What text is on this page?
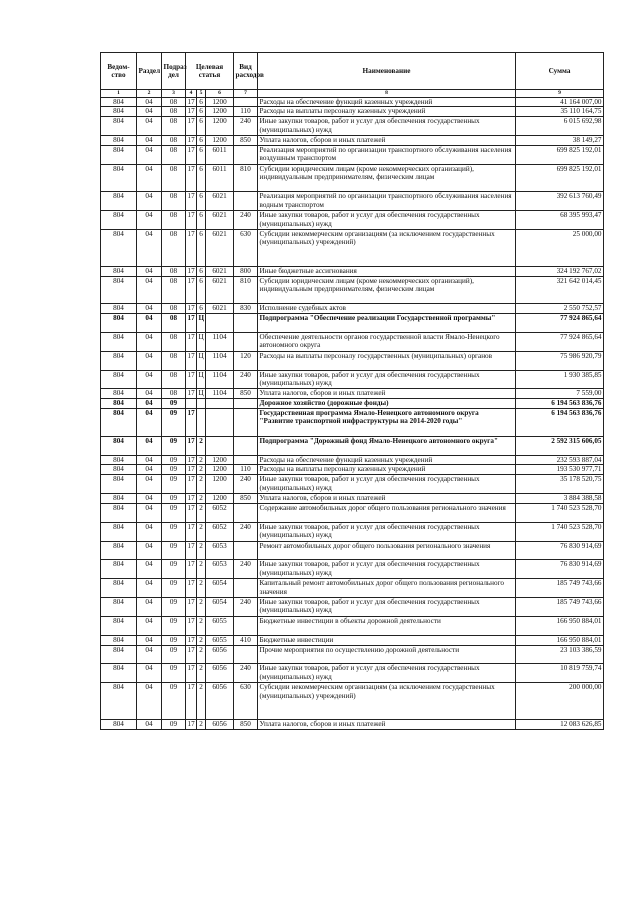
Ведом-ство	Раздел	Подраз дел	Целевая статья			Вид расходов	Наименование	Сумма
1	2	3	4	5	6	7	8	9
804	04	08	17	6	1200		Расходы на обеспечение функций казенных учреждений	41 164 007,00
804	04	08	17	6	1200	110	Расходы на выплаты персоналу казенных учреждений	35 110 164,75
804	04	08	17	6	1200	240	Иные закупки товаров, работ и услуг для обеспечения государственных (муниципальных) нужд	6 015 692,98
804	04	08	17	6	1200	850	Уплата налогов, сборов и иных платежей	38 149,27
804	04	08	17	6	6011		Реализация мероприятий по организации транспортного обслуживания населения воздушным транспортом	699 825 192,01
804	04	08	17	6	6011	810	Субсидии юридическим лицам (кроме некоммерческих организаций), индивидуальным предпринимателям, физическим лицам	699 825 192,01
804	04	08	17	6	6021		Реализация мероприятий по организации транспортного обслуживания населения водным транспортом	392 613 760,49
804	04	08	17	6	6021	240	Иные закупки товаров, работ и услуг для обеспечения государственных (муниципальных) нужд	68 395 993,47
804	04	08	17	6	6021	630	Субсидии некоммерческим организациям (за исключением государственных (муниципальных) учреждений)	25 000,00
804	04	08	17	6	6021	800	Иные бюджетные ассигнования	324 192 767,02
804	04	08	17	6	6021	810	Субсидии юридическим лицам (кроме некоммерческих организаций), индивидуальным предпринимателям, физическим лицам	321 642 014,45
804	04	08	17	6	6021	830	Исполнение судебных актов	2 550 752,57
804	04	08	17	Ц			Подпрограмма "Обеспечение реализации Государственной программы"	77 924 865,64
804	04	08	17	Ц	1104		Обеспечение деятельности органов государственной власти Ямало-Ненецкого автономного округа	77 924 865,64
804	04	08	17	Ц	1104	120	Расходы на выплаты персоналу государственных (муниципальных) органов	75 986 920,79
804	04	08	17	Ц	1104	240	Иные закупки товаров, работ и услуг для обеспечения государственных (муниципальных) нужд	1 930 385,85
804	04	08	17	Ц	1104	850	Уплата налогов, сборов и иных платежей	7 559,00
804	04	09					Дорожное хозяйство (дорожные фонды)	6 194 563 836,76
804	04	09	17				Государственная программа Ямало-Ненецкого автономного округа "Развитие транспортной инфраструктуры на 2014-2020 годы"	6 194 563 836,76
804	04	09	17	2			Подпрограмма "Дорожный фонд Ямало-Ненецкого автономного округа"	2 592 315 606,05
804	04	09	17	2	1200		Расходы на обеспечение функций казенных учреждений	232 593 887,04
804	04	09	17	2	1200	110	Расходы на выплаты персоналу казенных учреждений	193 530 977,71
804	04	09	17	2	1200	240	Иные закупки товаров, работ и услуг для обеспечения государственных (муниципальных) нужд	35 178 520,75
804	04	09	17	2	1200	850	Уплата налогов, сборов и иных платежей	3 884 388,58
804	04	09	17	2	6052		Содержание автомобильных дорог общего пользования регионального значения	1 740 523 528,70
804	04	09	17	2	6052	240	Иные закупки товаров, работ и услуг для обеспечения государственных (муниципальных) нужд	1 740 523 528,70
804	04	09	17	2	6053		Ремонт автомобильных дорог общего пользования регионального значения	76 830 914,69
804	04	09	17	2	6053	240	Иные закупки товаров, работ и услуг для обеспечения государственных (муниципальных) нужд	76 830 914,69
804	04	09	17	2	6054		Капитальный ремонт автомобильных дорог общего пользования регионального значения	185 749 743,66
804	04	09	17	2	6054	240	Иные закупки товаров, работ и услуг для обеспечения государственных (муниципальных) нужд	185 749 743,66
804	04	09	17	2	6055		Бюджетные инвестиции в объекты дорожной деятельности	166 950 884,01
804	04	09	17	2	6055	410	Бюджетные инвестиции	166 950 884,01
804	04	09	17	2	6056		Прочие мероприятия по осуществлению дорожной деятельности	23 103 386,59
804	04	09	17	2	6056	240	Иные закупки товаров, работ и услуг для обеспечения государственных (муниципальных) нужд	10 819 759,74
804	04	09	17	2	6056	630	Субсидии некоммерческим организациям (за исключением государственных (муниципальных) учреждений)	200 000,00
804	04	09	17	2	6056	850	Уплата налогов, сборов и иных платежей	12 083 626,85
